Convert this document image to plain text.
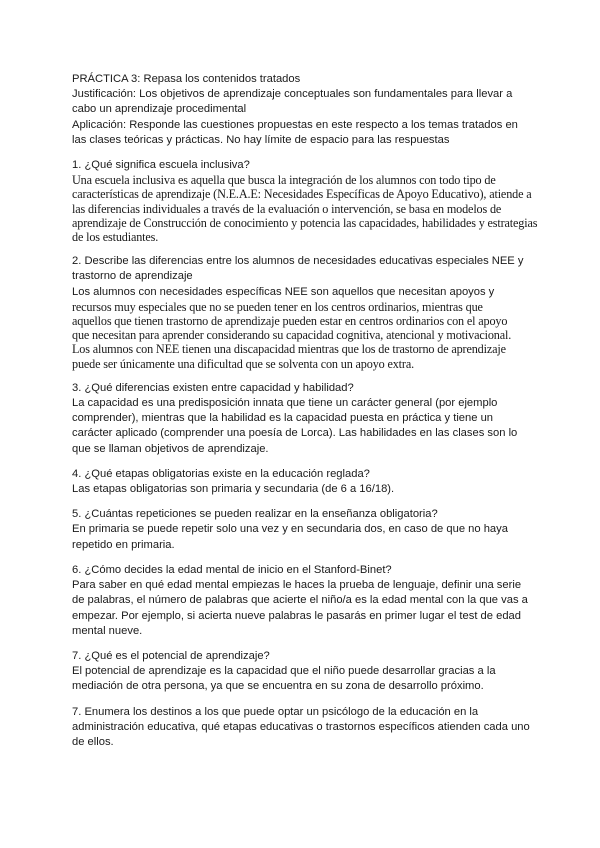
PRÁCTICA 3: Repasa los contenidos tratados
Justificación: Los objetivos de aprendizaje conceptuales son fundamentales para llevar a
cabo un aprendizaje procedimental
Aplicación: Responde las cuestiones propuestas en este respecto a los temas tratados en
las clases teóricas y prácticas. No hay límite de espacio para las respuestas
1. ¿Qué significa escuela inclusiva?
Una escuela inclusiva es aquella que busca la integración de los alumnos con todo tipo de
características de aprendizaje (N.E.A.E: Necesidades Específicas de Apoyo Educativo), atiende a
las diferencias individuales a través de la evaluación o intervención, se basa en modelos de
aprendizaje de Construcción de conocimiento y potencia las capacidades, habilidades y estrategias
de los estudiantes.
2. Describe las diferencias entre los alumnos de necesidades educativas especiales NEE y
trastorno de aprendizaje
Los alumnos con necesidades específicas NEE son aquellos que necesitan apoyos y
recursos muy especiales que no se pueden tener en los centros ordinarios, mientras que
aquellos que tienen trastorno de aprendizaje pueden estar en centros ordinarios con el apoyo
que necesitan para aprender considerando su capacidad cognitiva, atencional y motivacional.
Los alumnos con NEE tienen una discapacidad mientras que los de trastorno de aprendizaje
puede ser únicamente una dificultad que se solventa con un apoyo extra.
3. ¿Qué diferencias existen entre capacidad y habilidad?
La capacidad es una predisposición innata que tiene un carácter general (por ejemplo
comprender), mientras que la habilidad es la capacidad puesta en práctica y tiene un
carácter aplicado (comprender una poesía de Lorca). Las habilidades en las clases son lo
que se llaman objetivos de aprendizaje.
4. ¿Qué etapas obligatorias existe en la educación reglada?
Las etapas obligatorias son primaria y secundaria (de 6 a 16/18).
5. ¿Cuántas repeticiones se pueden realizar en la enseñanza obligatoria?
En primaria se puede repetir solo una vez y en secundaria dos, en caso de que no haya
repetido en primaria.
6. ¿Cómo decides la edad mental de inicio en el Stanford-Binet?
Para saber en qué edad mental empiezas le haces la prueba de lenguaje, definir una serie
de palabras, el número de palabras que acierte el niño/a es la edad mental con la que vas a
empezar. Por ejemplo, si acierta nueve palabras le pasarás en primer lugar el test de edad
mental nueve.
7. ¿Qué es el potencial de aprendizaje?
El potencial de aprendizaje es la capacidad que el niño puede desarrollar gracias a la
mediación de otra persona, ya que se encuentra en su zona de desarrollo próximo.
7. Enumera los destinos a los que puede optar un psicólogo de la educación en la
administración educativa, qué etapas educativas o trastornos específicos atienden cada uno
de ellos.
